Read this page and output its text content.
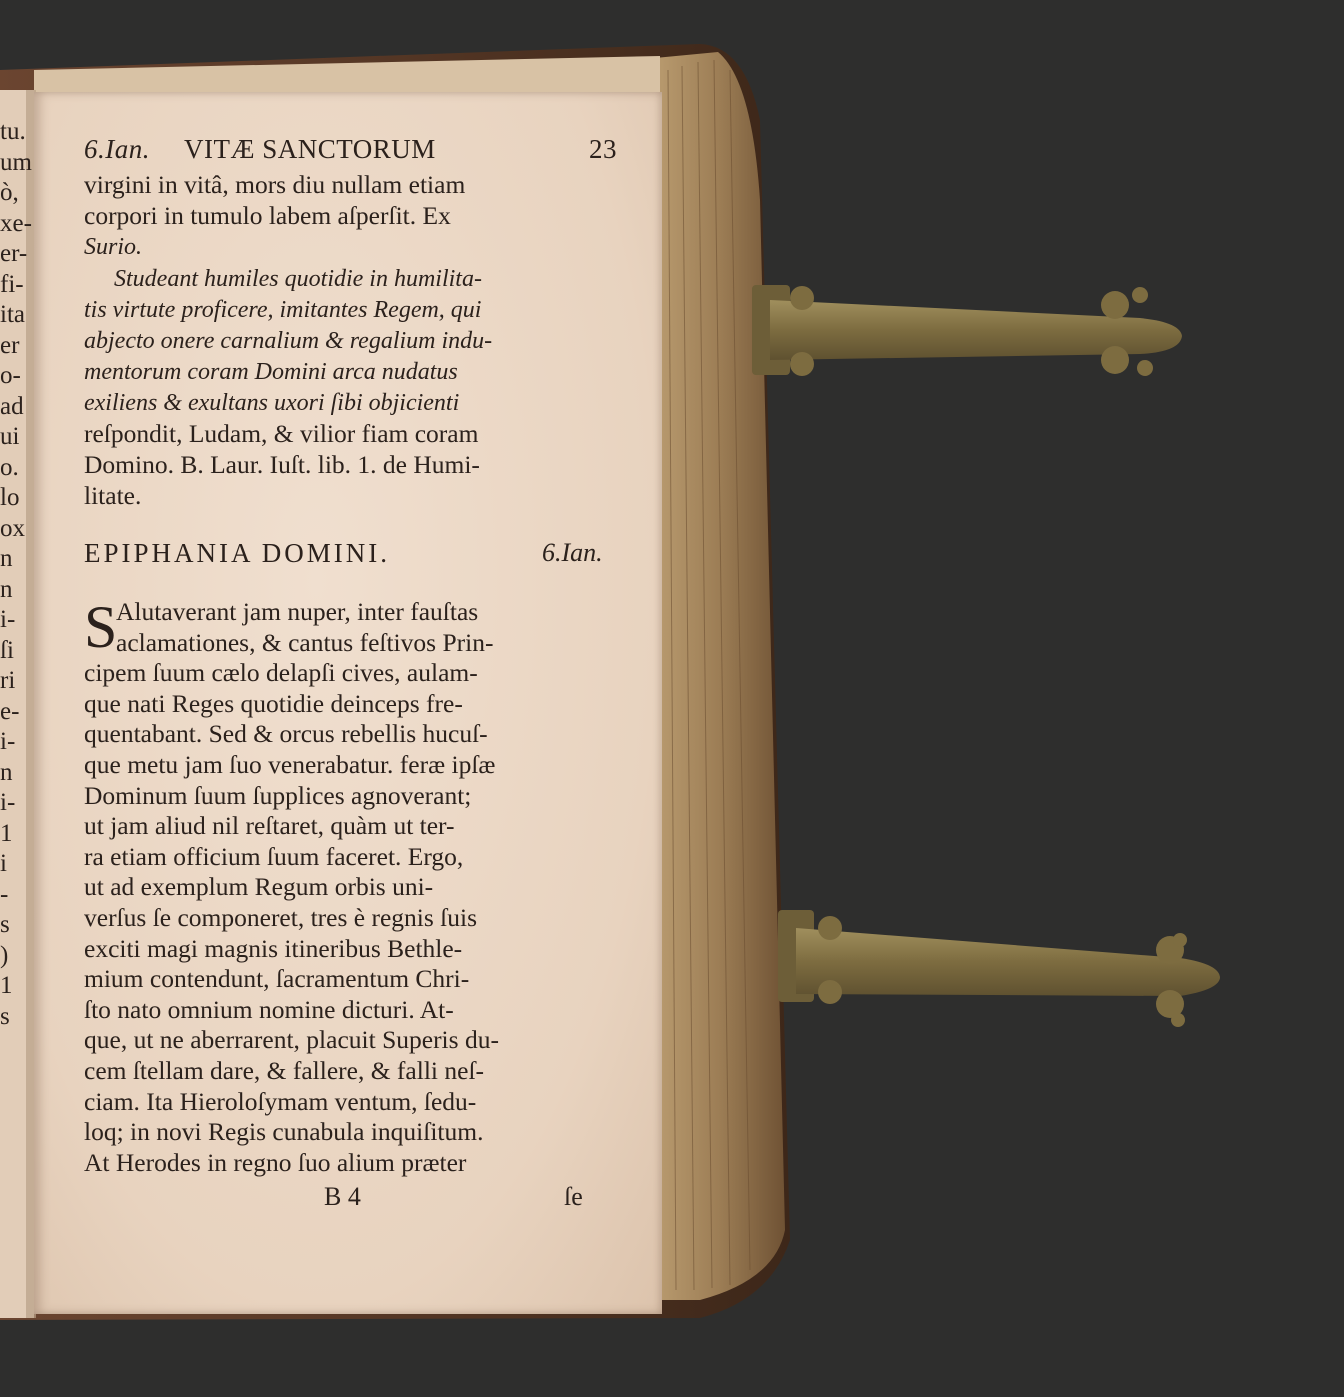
tu.
um
ò,
xe-
er-
fi-
ita
er
o-
ad
ui
o.
lo
ox
n
n
i-
ſi
ri
e-
i-
n
i-
1
i
-
s
)
1
s
6.Ian. VITÆ SANCTORUM	23
virgini in vitâ, mors diu nullam etiam
corpori in tumulo labem aſperſit. Ex
Surio.
Studeant humiles quotidie in humilita-
tis virtute proficere, imitantes Regem, qui
abjecto onere carnalium & regalium indu-
mentorum coram Domini arca nudatus
exiliens & exultans uxori ſibi objicienti
reſpondit, Ludam, & vilior fiam coram
Domino. B. Laur. Iuſt. lib. 1. de Humi-
litate.
EPIPHANIA DOMINI.	6.Ian.
S
Alutaverant jam nuper, inter fauſtas
aclamationes, & cantus feſtivos Prin-
cipem ſuum cælo delapſi cives, aulam-
que nati Reges quotidie deinceps fre-
quentabant. Sed & orcus rebellis hucuſ-
que metu jam ſuo venerabatur. feræ ipſæ
Dominum ſuum ſupplices agnoverant;
ut jam aliud nil reſtaret, quàm ut ter-
ra etiam officium ſuum faceret. Ergo,
ut ad exemplum Regum orbis uni-
verſus ſe componeret, tres è regnis ſuis
exciti magi magnis itineribus Bethle-
mium contendunt, ſacramentum Chri-
ſto nato omnium nomine dicturi. At-
que, ut ne aberrarent, placuit Superis du-
cem ſtellam dare, & fallere, & falli neſ-
ciam. Ita Hieroloſymam ventum, ſedu-
loq; in novi Regis cunabula inquiſitum.
At Herodes in regno ſuo alium præter
B 4	ſe
